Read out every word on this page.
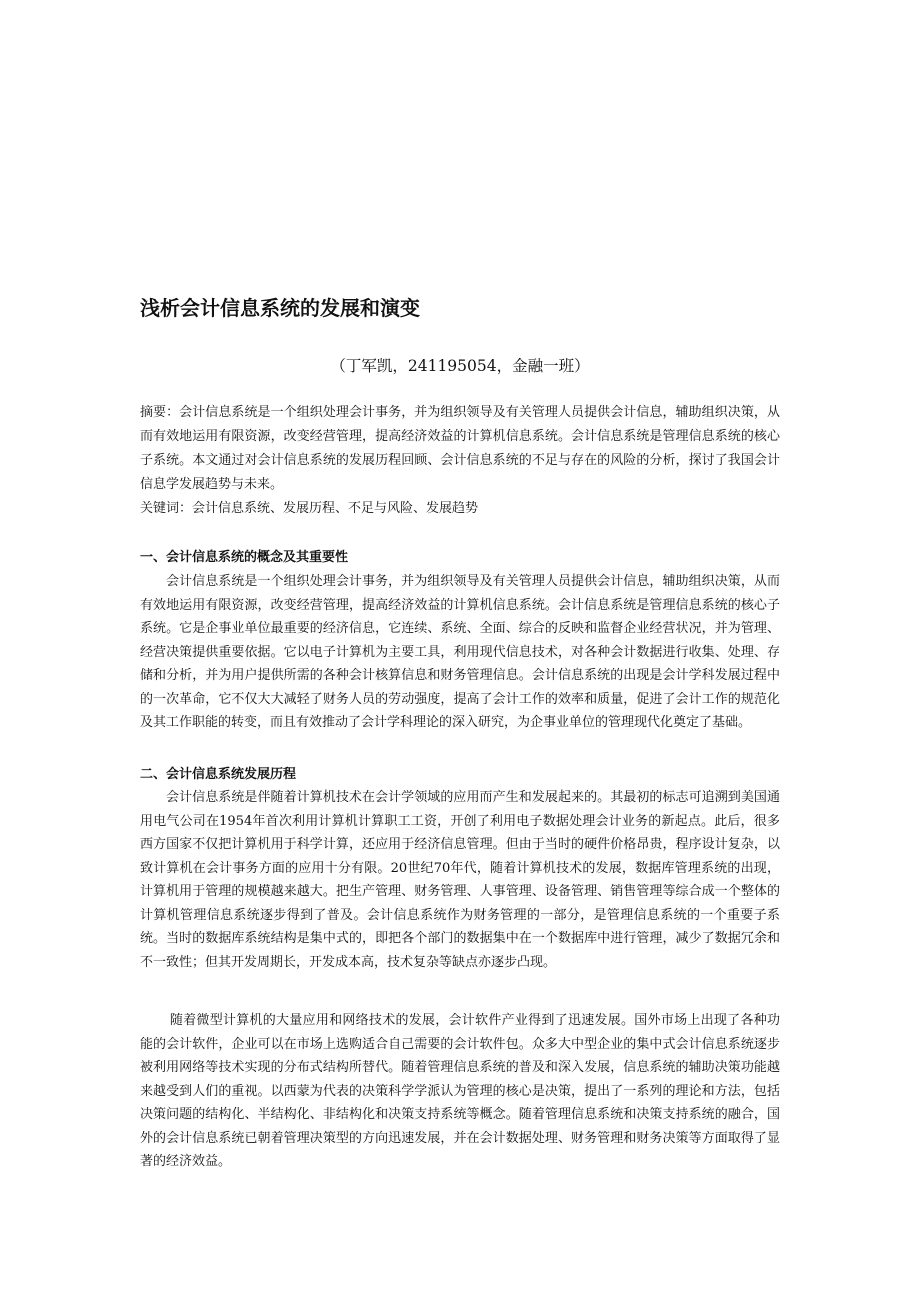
浅析会计信息系统的发展和演变
（丁军凯，241195054，金融一班）

摘要：会计信息系统是一个组织处理会计事务，并为组织领导及有关管理人员提供会计信息，辅助组织决策，从而有效地运用有限资源，改变经营管理，提高经济效益的计算机信息系统。会计信息系统是管理信息系统的核心子系统。本文通过对会计信息系统的发展历程回顾、会计信息系统的不足与存在的风险的分析，探讨了我国会计信息学发展趋势与未来。

关键词：会计信息系统、发展历程、不足与风险、发展趋势

一、会计信息系统的概念及其重要性

会计信息系统是一个组织处理会计事务，并为组织领导及有关管理人员提供会计信息，辅助组织决策，从而有效地运用有限资源，改变经营管理，提高经济效益的计算机信息系统。会计信息系统是管理信息系统的核心子系统。它是企事业单位最重要的经济信息，它连续、系统、全面、综合的反映和监督企业经营状况，并为管理、经营决策提供重要依据。它以电子计算机为主要工具，利用现代信息技术，对各种会计数据进行收集、处理、存储和分析，并为用户提供所需的各种会计核算信息和财务管理信息。会计信息系统的出现是会计学科发展过程中的一次革命，它不仅大大减轻了财务人员的劳动强度，提高了会计工作的效率和质量，促进了会计工作的规范化及其工作职能的转变，而且有效推动了会计学科理论的深入研究，为企事业单位的管理现代化奠定了基础。

二、会计信息系统发展历程

会计信息系统是伴随着计算机技术在会计学领域的应用而产生和发展起来的。其最初的标志可追溯到美国通用电气公司在1954年首次利用计算机计算职工工资，开创了利用电子数据处理会计业务的新起点。此后，很多西方国家不仅把计算机用于科学计算，还应用于经济信息管理。但由于当时的硬件价格昂贵，程序设计复杂，以致计算机在会计事务方面的应用十分有限。20世纪70年代，随着计算机技术的发展，数据库管理系统的出现，计算机用于管理的规模越来越大。把生产管理、财务管理、人事管理、设备管理、销售管理等综合成一个整体的计算机管理信息系统逐步得到了普及。会计信息系统作为财务管理的一部分，是管理信息系统的一个重要子系统。当时的数据库系统结构是集中式的，即把各个部门的数据集中在一个数据库中进行管理，减少了数据冗余和不一致性；但其开发周期长，开发成本高，技术复杂等缺点亦逐步凸现。

随着微型计算机的大量应用和网络技术的发展，会计软件产业得到了迅速发展。国外市场上出现了各种功能的会计软件，企业可以在市场上选购适合自己需要的会计软件包。众多大中型企业的集中式会计信息系统逐步被利用网络等技术实现的分布式结构所替代。随着管理信息系统的普及和深入发展，信息系统的辅助决策功能越来越受到人们的重视。以西蒙为代表的决策科学学派认为管理的核心是决策，提出了一系列的理论和方法，包括决策问题的结构化、半结构化、非结构化和决策支持系统等概念。随着管理信息系统和决策支持系统的融合，国外的会计信息系统已朝着管理决策型的方向迅速发展，并在会计数据处理、财务管理和财务决策等方面取得了显著的经济效益。
